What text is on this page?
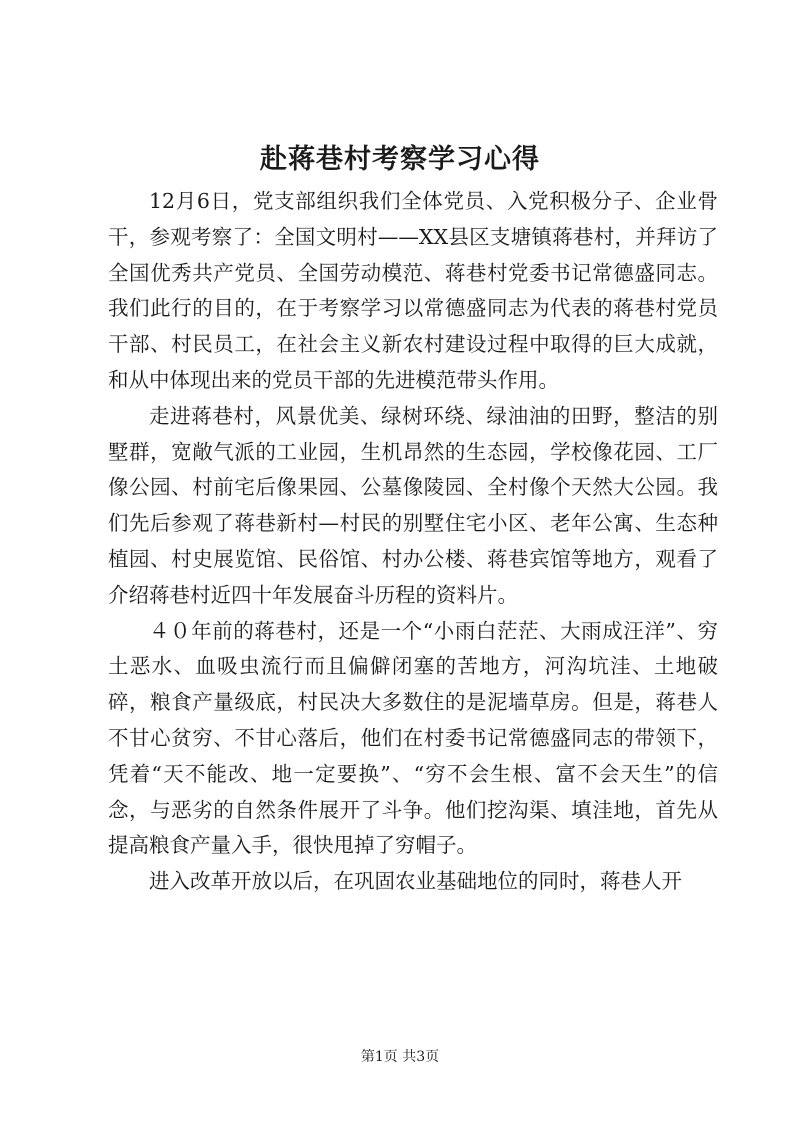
赴蒋巷村考察学习心得

12月6日，党支部组织我们全体党员、入党积极分子、企业骨干，参观考察了：全国文明村——XX县区支塘镇蒋巷村，并拜访了全国优秀共产党员、全国劳动模范、蒋巷村党委书记常德盛同志。我们此行的目的，在于考察学习以常德盛同志为代表的蒋巷村党员干部、村民员工，在社会主义新农村建设过程中取得的巨大成就，和从中体现出来的党员干部的先进模范带头作用。

走进蒋巷村，风景优美、绿树环绕、绿油油的田野，整洁的别墅群，宽敞气派的工业园，生机昂然的生态园，学校像花园、工厂像公园、村前宅后像果园、公墓像陵园、全村像个天然大公园。我们先后参观了蒋巷新村—村民的别墅住宅小区、老年公寓、生态种植园、村史展览馆、民俗馆、村办公楼、蒋巷宾馆等地方，观看了介绍蒋巷村近四十年发展奋斗历程的资料片。

４０年前的蒋巷村，还是一个“小雨白茫茫、大雨成汪洋”、穷土恶水、血吸虫流行而且偏僻闭塞的苦地方，河沟坑洼、土地破碎，粮食产量级底，村民决大多数住的是泥墙草房。但是，蒋巷人不甘心贫穷、不甘心落后，他们在村委书记常德盛同志的带领下，凭着“天不能改、地一定要换”、“穷不会生根、富不会天生”的信念，与恶劣的自然条件展开了斗争。他们挖沟渠、填洼地，首先从提高粮食产量入手，很快甩掉了穷帽子。

进入改革开放以后，在巩固农业基础地位的同时，蒋巷人开

第1页 共3页
